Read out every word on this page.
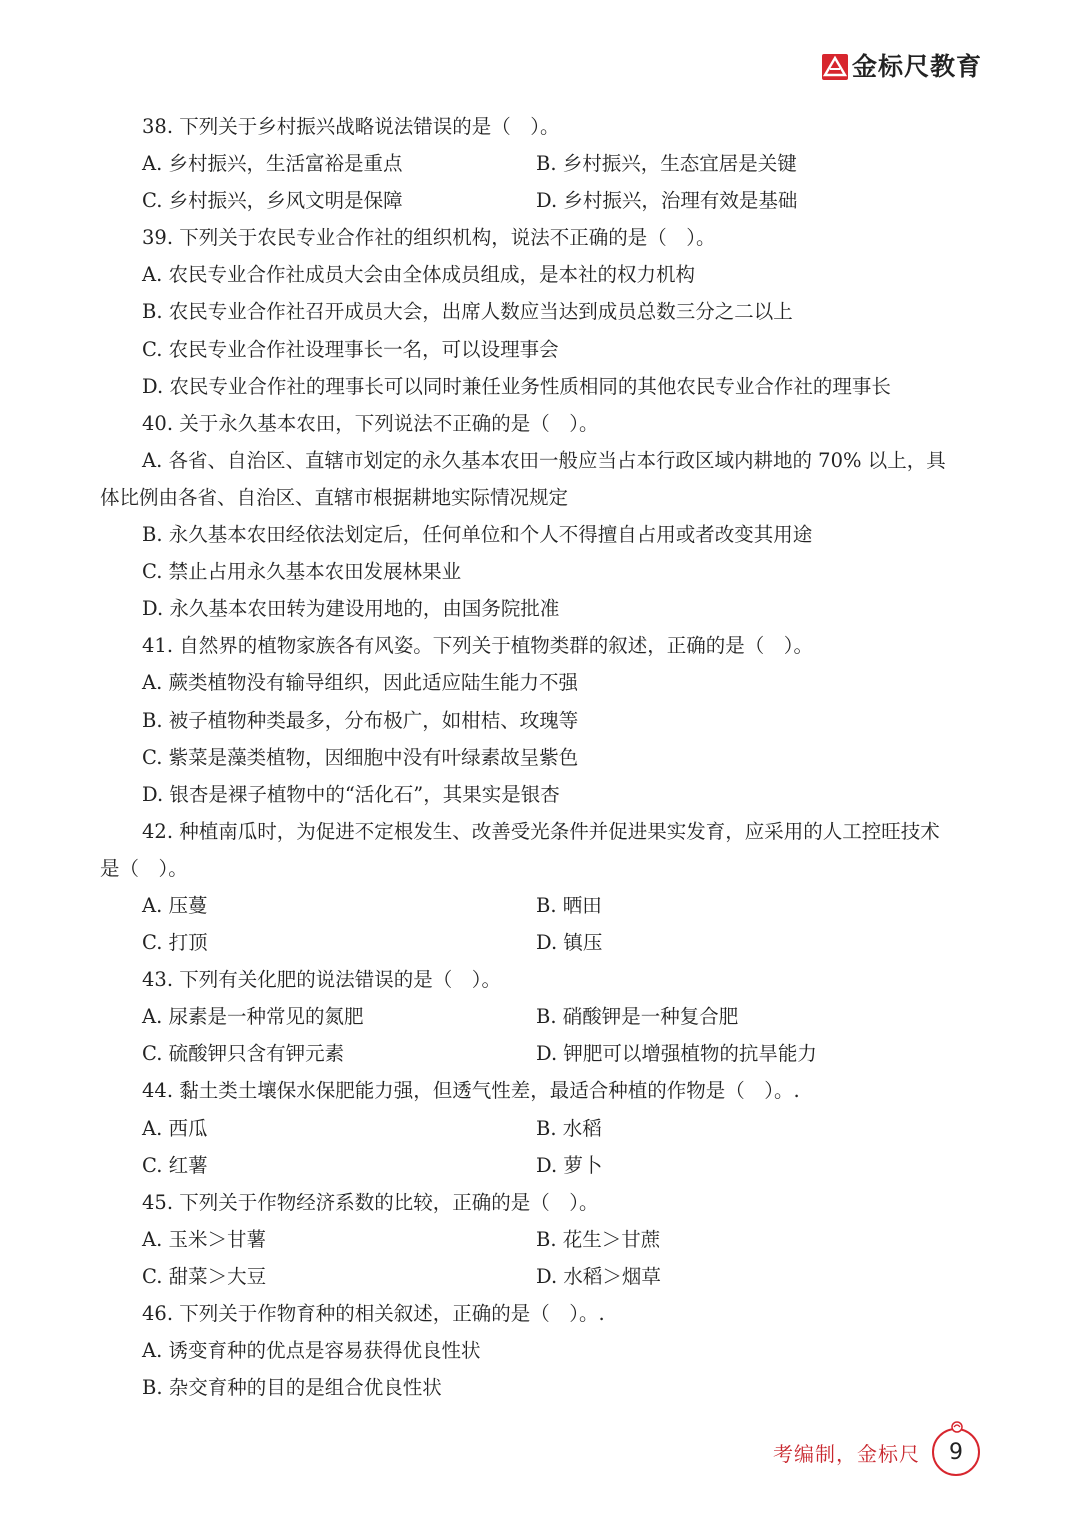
金标尺教育
38. 下列关于乡村振兴战略说法错误的是（　）。
A. 乡村振兴，生活富裕是重点	B. 乡村振兴，生态宜居是关键
C. 乡村振兴，乡风文明是保障	D. 乡村振兴，治理有效是基础
39. 下列关于农民专业合作社的组织机构，说法不正确的是（　）。
A. 农民专业合作社成员大会由全体成员组成，是本社的权力机构
B. 农民专业合作社召开成员大会，出席人数应当达到成员总数三分之二以上
C. 农民专业合作社设理事长一名，可以设理事会
D. 农民专业合作社的理事长可以同时兼任业务性质相同的其他农民专业合作社的理事长
40. 关于永久基本农田，下列说法不正确的是（　）。
A. 各省、自治区、直辖市划定的永久基本农田一般应当占本行政区域内耕地的 70% 以上，具
体比例由各省、自治区、直辖市根据耕地实际情况规定
B. 永久基本农田经依法划定后，任何单位和个人不得擅自占用或者改变其用途
C. 禁止占用永久基本农田发展林果业
D. 永久基本农田转为建设用地的，由国务院批准
41. 自然界的植物家族各有风姿。下列关于植物类群的叙述，正确的是（　）。
A. 蕨类植物没有输导组织，因此适应陆生能力不强
B. 被子植物种类最多，分布极广，如柑桔、玫瑰等
C. 紫菜是藻类植物，因细胞中没有叶绿素故呈紫色
D. 银杏是裸子植物中的“活化石”，其果实是银杏
42. 种植南瓜时，为促进不定根发生、改善受光条件并促进果实发育，应采用的人工控旺技术
是（　）。
A. 压蔓	B. 晒田
C. 打顶	D. 镇压
43. 下列有关化肥的说法错误的是（　）。
A. 尿素是一种常见的氮肥	B. 硝酸钾是一种复合肥
C. 硫酸钾只含有钾元素	D. 钾肥可以增强植物的抗旱能力
44. 黏土类土壤保水保肥能力强，但透气性差，最适合种植的作物是（　）。.
A. 西瓜	B. 水稻
C. 红薯	D. 萝卜
45. 下列关于作物经济系数的比较，正确的是（　）。
A. 玉米＞甘薯	B. 花生＞甘蔗
C. 甜菜＞大豆	D. 水稻＞烟草
46. 下列关于作物育种的相关叙述，正确的是（　）。.
A. 诱变育种的优点是容易获得优良性状
B. 杂交育种的目的是组合优良性状
考编制，金标尺 9
